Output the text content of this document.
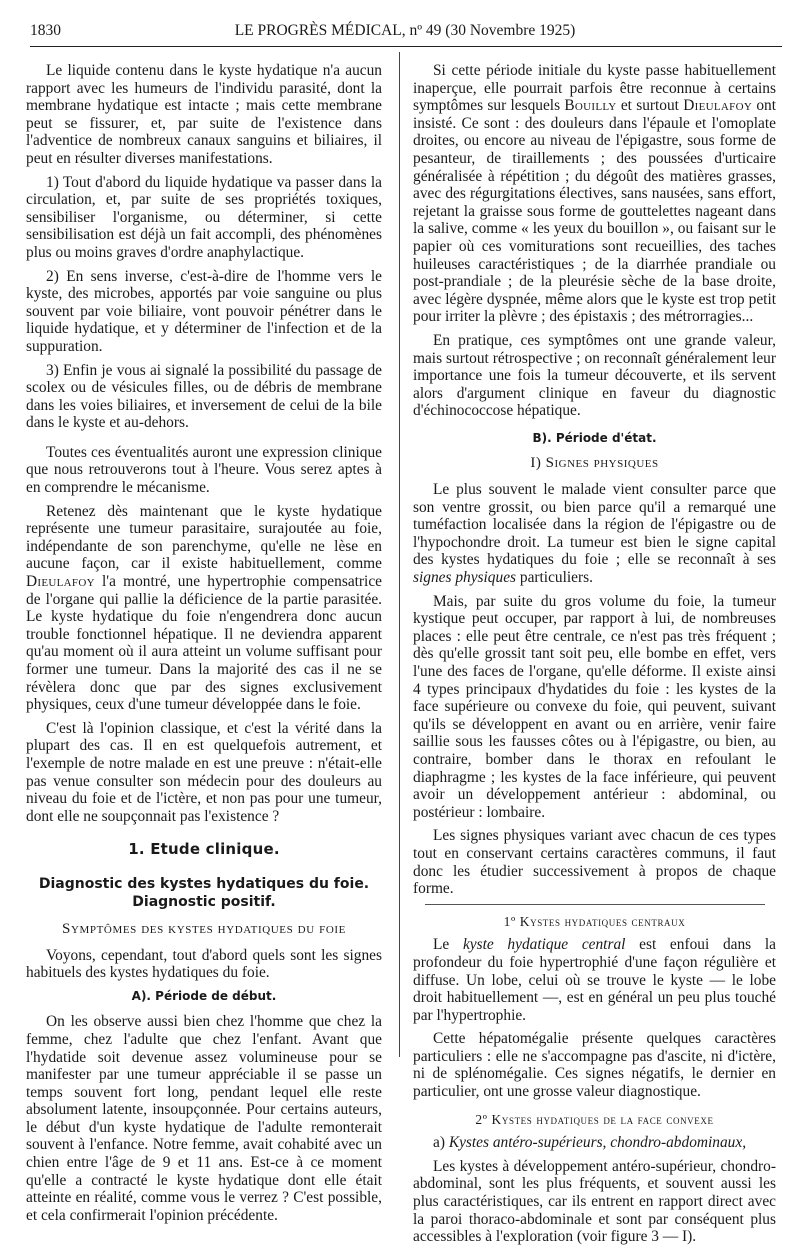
1830	LE PROGRÈS MÉDICAL, nº 49 (30 Novembre 1925)

Le liquide contenu dans le kyste hydatique n'a aucun rapport avec les humeurs de l'individu parasité, dont la membrane hydatique est intacte ; mais cette membrane peut se fissurer, et, par suite de l'existence dans l'adventice de nombreux canaux sanguins et biliaires, il peut en résulter diverses manifestations.

1) Tout d'abord du liquide hydatique va passer dans la circulation, et, par suite de ses propriétés toxiques, sensibiliser l'organisme, ou déterminer, si cette sensibilisation est déjà un fait accompli, des phénomènes plus ou moins graves d'ordre anaphylactique.

2) En sens inverse, c'est-à-dire de l'homme vers le kyste, des microbes, apportés par voie sanguine ou plus souvent par voie biliaire, vont pouvoir pénétrer dans le liquide hydatique, et y déterminer de l'infection et de la suppuration.

3) Enfin je vous ai signalé la possibilité du passage de scolex ou de vésicules filles, ou de débris de membrane dans les voies biliaires, et inversement de celui de la bile dans le kyste et au-dehors.

Toutes ces éventualités auront une expression clinique que nous retrouverons tout à l'heure. Vous serez aptes à en comprendre le mécanisme.

Retenez dès maintenant que le kyste hydatique représente une tumeur parasitaire, surajoutée au foie, indépendante de son parenchyme, qu'elle ne lèse en aucune façon, car il existe habituellement, comme Dieulafoy l'a montré, une hypertrophie compensatrice de l'organe qui pallie la déficience de la partie parasitée. Le kyste hydatique du foie n'engendrera donc aucun trouble fonctionnel hépatique. Il ne deviendra apparent qu'au moment où il aura atteint un volume suffisant pour former une tumeur. Dans la majorité des cas il ne se révèlera donc que par des signes exclusivement physiques, ceux d'une tumeur développée dans le foie.

C'est là l'opinion classique, et c'est la vérité dans la plupart des cas. Il en est quelquefois autrement, et l'exemple de notre malade en est une preuve : n'était-elle pas venue consulter son médecin pour des douleurs au niveau du foie et de l'ictère, et non pas pour une tumeur, dont elle ne soupçonnait pas l'existence ?

1. Etude clinique.
Diagnostic des kystes hydatiques du foie.
Diagnostic positif.
Symptômes des kystes hydatiques du foie

Voyons, cependant, tout d'abord quels sont les signes habituels des kystes hydatiques du foie.

A). Période de début.

On les observe aussi bien chez l'homme que chez la femme, chez l'adulte que chez l'enfant. Avant que l'hydatide soit devenue assez volumineuse pour se manifester par une tumeur appréciable il se passe un temps souvent fort long, pendant lequel elle reste absolument latente, insoupçonnée. Pour certains auteurs, le début d'un kyste hydatique de l'adulte remonterait souvent à l'enfance. Notre femme, avait cohabité avec un chien entre l'âge de 9 et 11 ans. Est-ce à ce moment qu'elle a contracté le kyste hydatique dont elle était atteinte en réalité, comme vous le verrez ? C'est possible, et cela confirmerait l'opinion précédente.

Si cette période initiale du kyste passe habituellement inaperçue, elle pourrait parfois être reconnue à certains symptômes sur lesquels Bouilly et surtout Dieulafoy ont insisté. Ce sont : des douleurs dans l'épaule et l'omoplate droites, ou encore au niveau de l'épigastre, sous forme de pesanteur, de tiraillements ; des poussées d'urticaire généralisée à répétition ; du dégoût des matières grasses, avec des régurgitations électives, sans nausées, sans effort, rejetant la graisse sous forme de gouttelettes nageant dans la salive, comme « les yeux du bouillon », ou faisant sur le papier où ces vomiturations sont recueillies, des taches huileuses caractéristiques ; de la diarrhée prandiale ou post-prandiale ; de la pleurésie sèche de la base droite, avec légère dyspnée, même alors que le kyste est trop petit pour irriter la plèvre ; des épistaxis ; des métrorragies...

En pratique, ces symptômes ont une grande valeur, mais surtout rétrospective ; on reconnaît généralement leur importance une fois la tumeur découverte, et ils servent alors d'argument clinique en faveur du diagnostic d'échinococcose hépatique.

B). Période d'état.
I) Signes physiques

Le plus souvent le malade vient consulter parce que son ventre grossit, ou bien parce qu'il a remarqué une tuméfaction localisée dans la région de l'épigastre ou de l'hypochondre droit. La tumeur est bien le signe capital des kystes hydatiques du foie ; elle se reconnaît à ses signes physiques particuliers.

Mais, par suite du gros volume du foie, la tumeur kystique peut occuper, par rapport à lui, de nombreuses places : elle peut être centrale, ce n'est pas très fréquent ; dès qu'elle grossit tant soit peu, elle bombe en effet, vers l'une des faces de l'organe, qu'elle déforme. Il existe ainsi 4 types principaux d'hydatides du foie : les kystes de la face supérieure ou convexe du foie, qui peuvent, suivant qu'ils se développent en avant ou en arrière, venir faire saillie sous les fausses côtes ou à l'épigastre, ou bien, au contraire, bomber dans le thorax en refoulant le diaphragme ; les kystes de la face inférieure, qui peuvent avoir un développement antérieur : abdominal, ou postérieur : lombaire.

Les signes physiques variant avec chacun de ces types tout en conservant certains caractères communs, il faut donc les étudier successivement à propos de chaque forme.

1º Kystes hydatiques centraux

Le kyste hydatique central est enfoui dans la profondeur du foie hypertrophié d'une façon régulière et diffuse. Un lobe, celui où se trouve le kyste — le lobe droit habituellement —, est en général un peu plus touché par l'hypertrophie.

Cette hépatomégalie présente quelques caractères particuliers : elle ne s'accompagne pas d'ascite, ni d'ictère, ni de splénomégalie. Ces signes négatifs, le dernier en particulier, ont une grosse valeur diagnostique.

2º Kystes hydatiques de la face convexe

a) Kystes antéro-supérieurs, chondro-abdominaux,

Les kystes à développement antéro-supérieur, chondro-abdominal, sont les plus fréquents, et souvent aussi les plus caractéristiques, car ils entrent en rapport direct avec la paroi thoraco-abdominale et sont par conséquent plus accessibles à l'exploration (voir figure 3 — I).
